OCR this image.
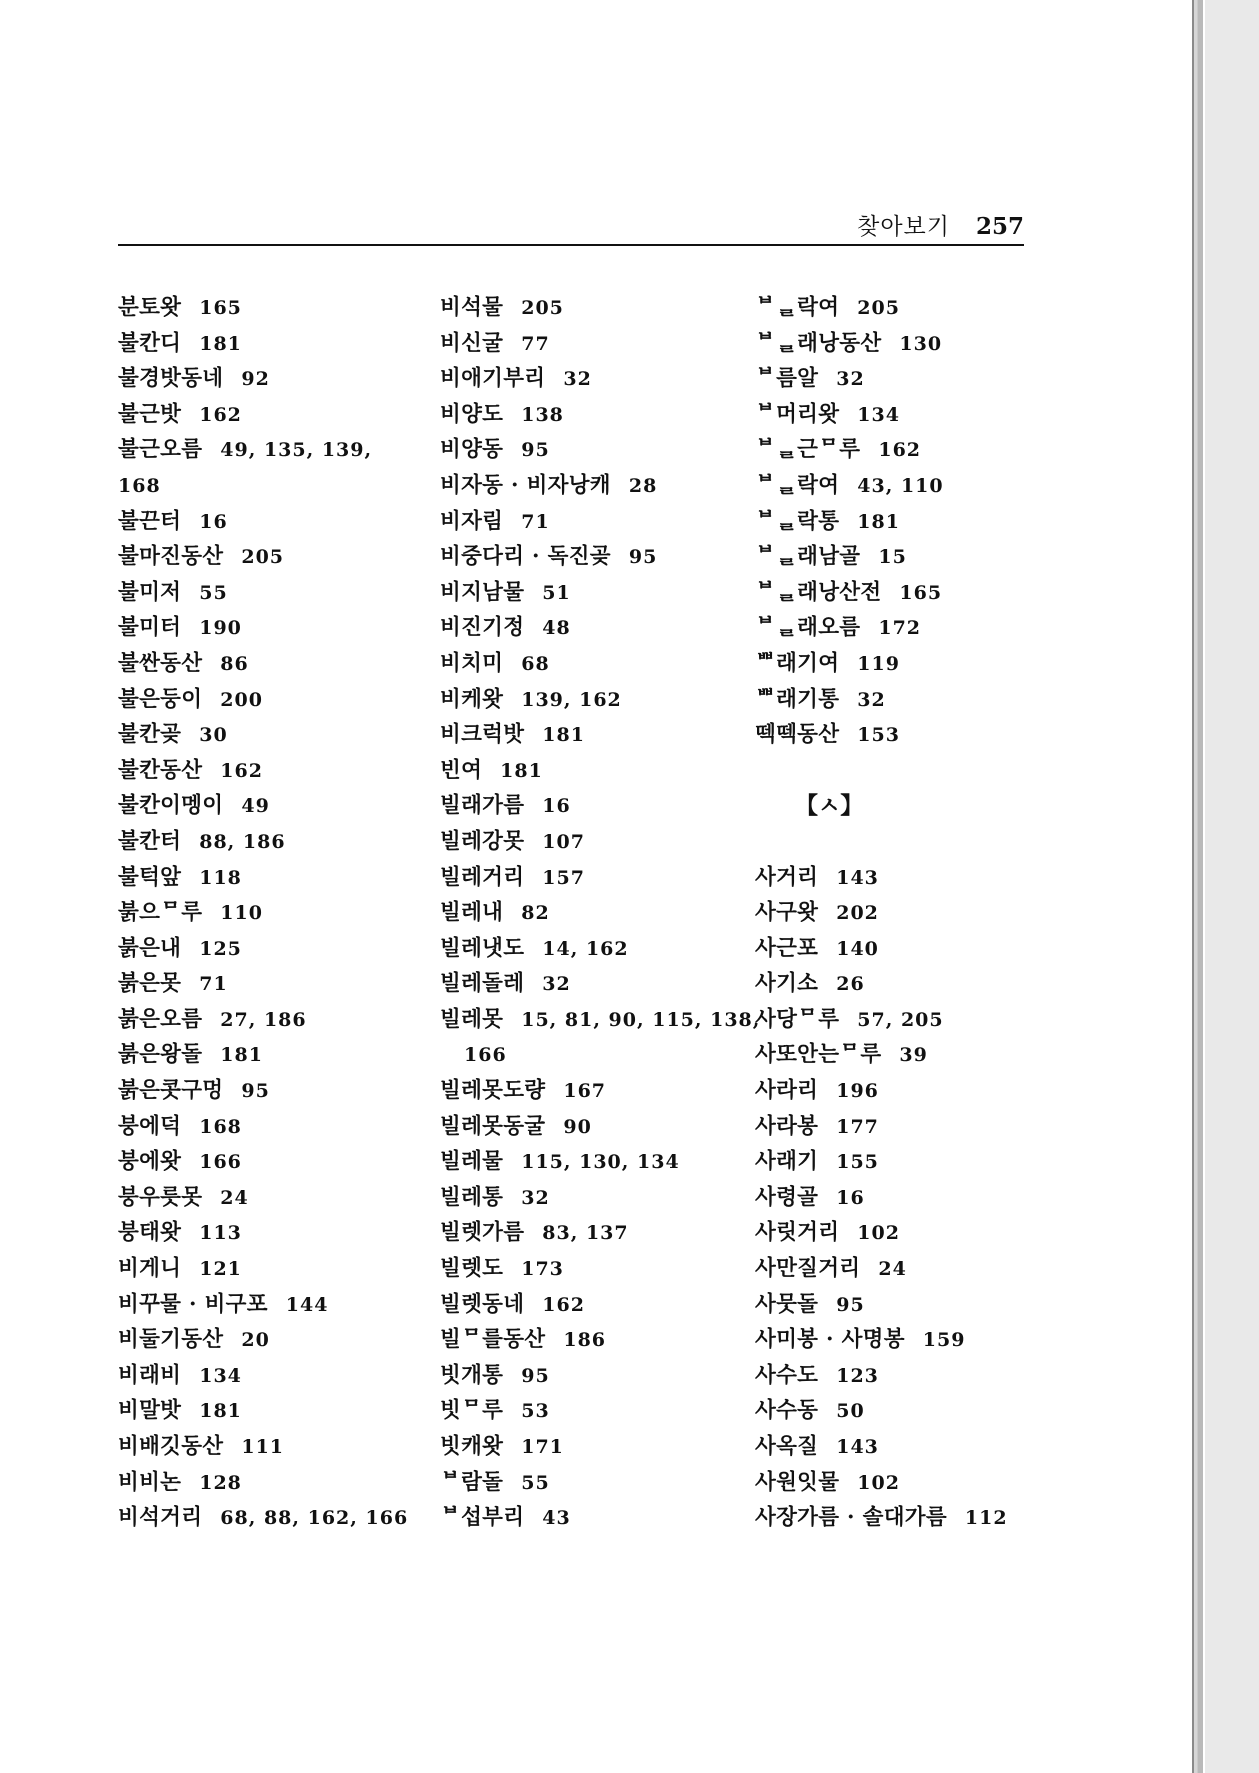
찾아보기 257
분토왓 165
불칸디 181
불경밧동네 92
불근밧 162
불근오름 49, 135, 139,
168
불끈터 16
불마진동산 205
불미저 55
불미터 190
불싼동산 86
불은둥이 200
불칸곶 30
불칸동산 162
불칸이멩이 49
불칸터 88, 186
불턱앞 118
붉으ᄆ루 110
붉은내 125
붉은못 71
붉은오름 27, 186
붉은왕돌 181
붉은콧구멍 95
붕에덕 168
붕에왓 166
붕우릇못 24
붕태왓 113
비게니 121
비꾸물 · 비구포 144
비둘기동산 20
비래비 134
비말밧 181
비배깃동산 111
비비논 128
비석거리 68, 88, 162, 166
비석물 205
비신굴 77
비애기부리 32
비양도 138
비양동 95
비자동 · 비자낭캐 28
비자림 71
비중다리 · 독진곶 95
비지남물 51
비진기정 48
비치미 68
비케왓 139, 162
비크럭밧 181
빈여 181
빌래가름 16
빌레강못 107
빌레거리 157
빌레내 82
빌레냇도 14, 162
빌레돌레 32
빌레못 15, 81, 90, 115, 138,
166
빌레못도량 167
빌레못동굴 90
빌레물 115, 130, 134
빌레통 32
빌렛가름 83, 137
빌렛도 173
빌렛동네 162
빌ᄆ를동산 186
빗개통 95
빗ᄆ루 53
빗캐왓 171
ᄇ람돌 55
ᄇ섭부리 43
ᄇᆯ락여 205
ᄇᆯ래낭동산 130
ᄇ름알 32
ᄇ머리왓 134
ᄇᆯ근ᄆ루 162
ᄇᆯ락여 43, 110
ᄇᆯ락통 181
ᄇᆯ래남골 15
ᄇᆯ래낭산전 165
ᄇᆯ래오름 172
ᄈ래기여 119
ᄈ래기통 32
떽떽동산 153
【ㅅ】
사거리 143
사구왓 202
사근포 140
사기소 26
사당ᄆ루 57, 205
사또안는ᄆ루 39
사라리 196
사라봉 177
사래기 155
사령골 16
사릿거리 102
사만질거리 24
사뭇돌 95
사미봉 · 사명봉 159
사수도 123
사수동 50
사옥질 143
사원잇물 102
사장가름 · 솔대가름 112
